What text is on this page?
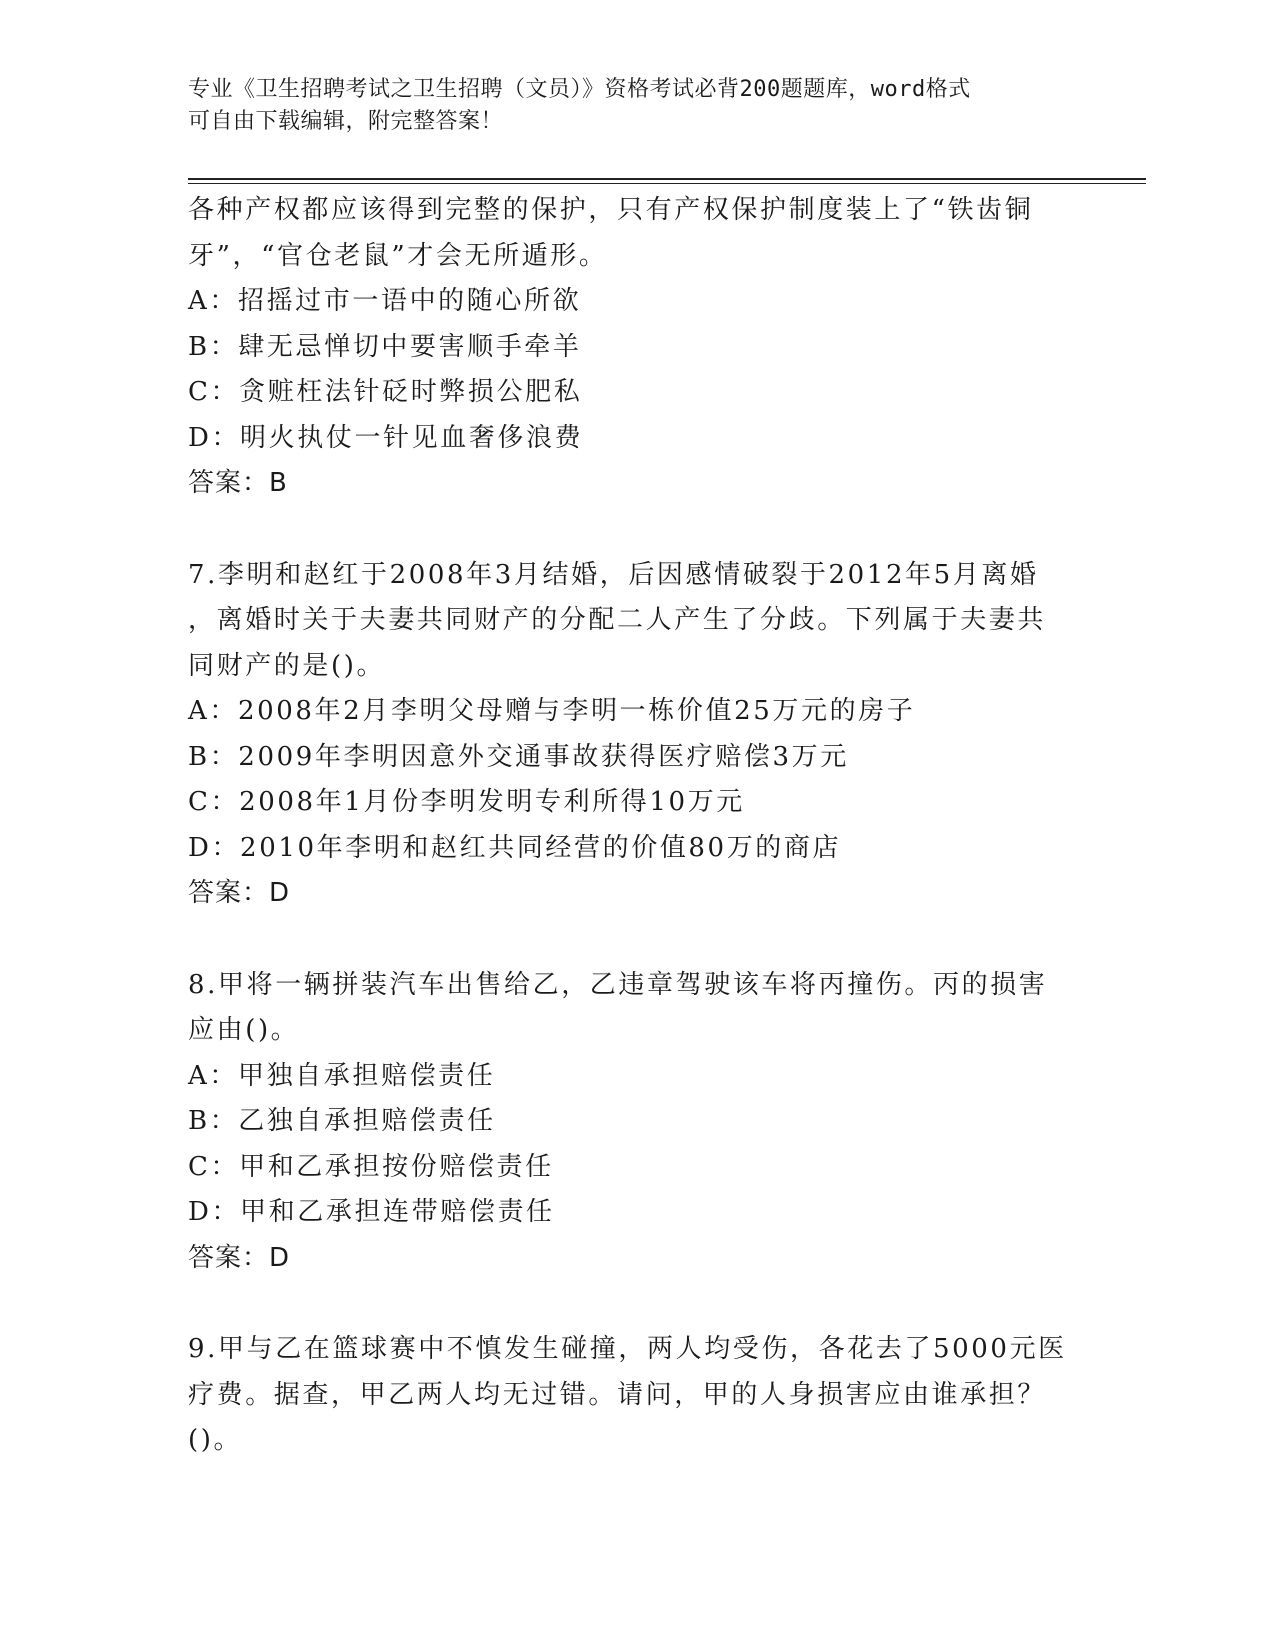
专业《卫生招聘考试之卫生招聘（文员）》资格考试必背200题题库，word格式
可自由下载编辑，附完整答案！
各种产权都应该得到完整的保护，只有产权保护制度装上了“铁齿铜
牙”，“官仓老鼠”才会无所遁形。
A：招摇过市一语中的随心所欲
B：肆无忌惮切中要害顺手牵羊
C：贪赃枉法针砭时弊损公肥私
D：明火执仗一针见血奢侈浪费
答案：B
7.李明和赵红于2008年3月结婚，后因感情破裂于2012年5月离婚
，离婚时关于夫妻共同财产的分配二人产生了分歧。下列属于夫妻共
同财产的是()。
A：2008年2月李明父母赠与李明一栋价值25万元的房子
B：2009年李明因意外交通事故获得医疗赔偿3万元
C：2008年1月份李明发明专利所得10万元
D：2010年李明和赵红共同经营的价值80万的商店
答案：D
8.甲将一辆拼装汽车出售给乙，乙违章驾驶该车将丙撞伤。丙的损害
应由()。
A：甲独自承担赔偿责任
B：乙独自承担赔偿责任
C：甲和乙承担按份赔偿责任
D：甲和乙承担连带赔偿责任
答案：D
9.甲与乙在篮球赛中不慎发生碰撞，两人均受伤，各花去了5000元医
疗费。据查，甲乙两人均无过错。请问，甲的人身损害应由谁承担？
()。
